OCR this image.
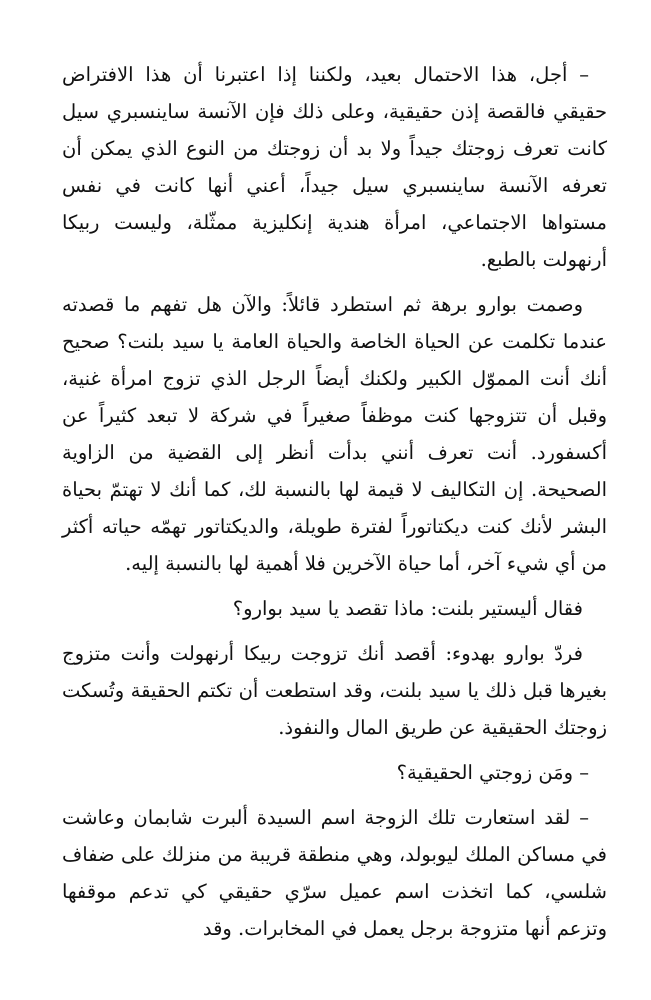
– أجل، هذا الاحتمال بعيد، ولكننا إذا اعتبرنا أن هذا الافتراض حقيقي فالقصة إذن حقيقية، وعلى ذلك فإن الآنسة ساينسبري سيل كانت تعرف زوجتك جيداً ولا بد أن زوجتك من النوع الذي يمكن أن تعرفه الآنسة ساينسبري سيل جيداً، أعني أنها كانت في نفس مستواها الاجتماعي، امرأة هندية إنكليزية ممثّلة، وليست ربيكا أرنهولت بالطبع.

وصمت بوارو برهة ثم استطرد قائلاً: والآن هل تفهم ما قصدته عندما تكلمت عن الحياة الخاصة والحياة العامة يا سيد بلنت؟ صحيح أنك أنت المموّل الكبير ولكنك أيضاً الرجل الذي تزوج امرأة غنية، وقبل أن تتزوجها كنت موظفاً صغيراً في شركة لا تبعد كثيراً عن أكسفورد. أنت تعرف أنني بدأت أنظر إلى القضية من الزاوية الصحيحة. إن التكاليف لا قيمة لها بالنسبة لك، كما أنك لا تهتمّ بحياة البشر لأنك كنت ديكتاتوراً لفترة طويلة، والديكتاتور تهمّه حياته أكثر من أي شيء آخر، أما حياة الآخرين فلا أهمية لها بالنسبة إليه.

فقال أليستير بلنت: ماذا تقصد يا سيد بوارو؟

فردّ بوارو بهدوء: أقصد أنك تزوجت ربيكا أرنهولت وأنت متزوج بغيرها قبل ذلك يا سيد بلنت، وقد استطعت أن تكتم الحقيقة وتُسكت زوجتك الحقيقية عن طريق المال والنفوذ.

– ومَن زوجتي الحقيقية؟

– لقد استعارت تلك الزوجة اسم السيدة ألبرت شابمان وعاشت في مساكن الملك ليوبولد، وهي منطقة قريبة من منزلك على ضفاف شلسي، كما اتخذت اسم عميل سرّي حقيقي كي تدعم موقفها وتزعم أنها متزوجة برجل يعمل في المخابرات. وقد
